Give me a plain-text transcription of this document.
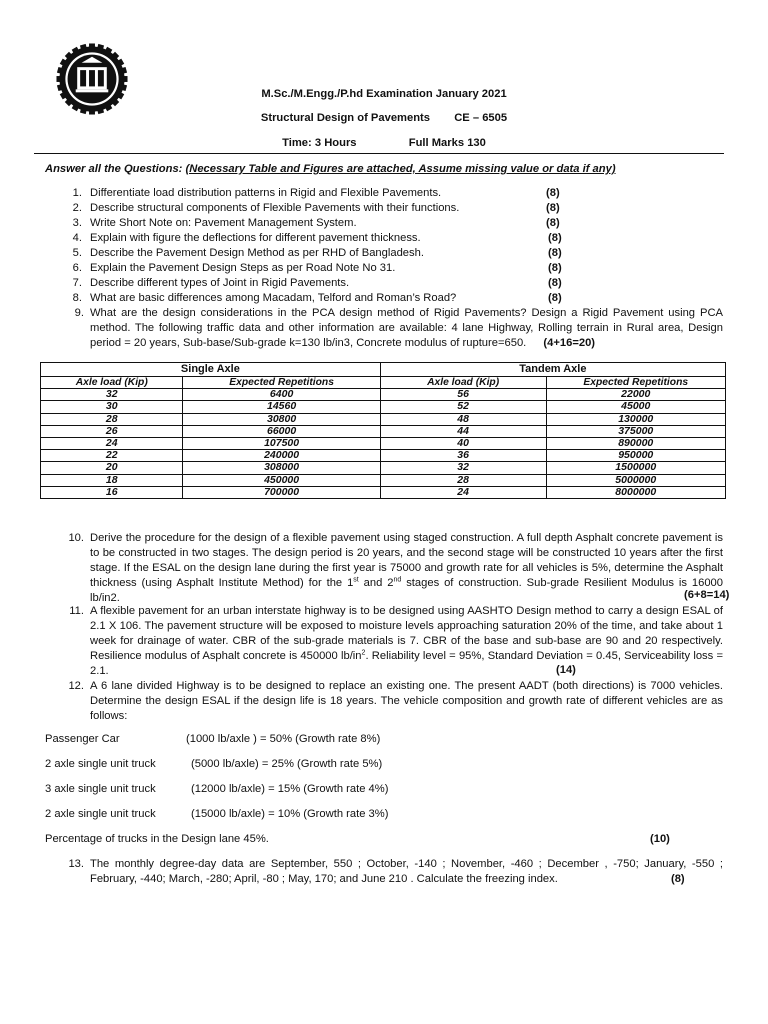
M.Sc./M.Engg./P.hd Examination January 2021
Structural Design of Pavements CE – 6505
Time: 3 Hours	Full Marks 130
Answer all the Questions: (Necessary Table and Figures are attached, Assume missing value or data if any)
1. Differentiate load distribution patterns in Rigid and Flexible Pavements.	(8)
2. Describe structural components of Flexible Pavements with their functions.	(8)
3. Write Short Note on: Pavement Management System.	(8)
4. Explain with figure the deflections for different pavement thickness.	(8)
5. Describe the Pavement Design Method as per RHD of Bangladesh.	(8)
6. Explain the Pavement Design Steps as per Road Note No 31.	(8)
7. Describe different types of Joint in Rigid Pavements.	(8)
8. What are basic differences among Macadam, Telford and Roman’s Road?	(8)
9. What are the design considerations in the PCA design method of Rigid Pavements? Design a Rigid Pavement using PCA method. The following traffic data and other information are available: 4 lane Highway, Rolling terrain in Rural area, Design period = 20 years, Sub-base/Sub-grade k=130 lb/in3, Concrete modulus of rupture=650. (4+16=20)
Single Axle		Tandem Axle	
Axle load (Kip)	Expected Repetitions	Axle load (Kip)	Expected Repetitions
32	6400	56	22000
30	14560	52	45000
28	30800	48	130000
26	66000	44	375000
24	107500	40	890000
22	240000	36	950000
20	308000	32	1500000
18	450000	28	5000000
16	700000	24	8000000
10. Derive the procedure for the design of a flexible pavement using staged construction. A full depth Asphalt concrete pavement is to be constructed in two stages. The design period is 20 years, and the second stage will be constructed 10 years after the first stage. If the ESAL on the design lane during the first year is 75000 and growth rate for all vehicles is 5%, determine the Asphalt thickness (using Asphalt Institute Method) for the 1st and 2nd stages of construction. Sub-grade Resilient Modulus is 16000 lb/in2.	(6+8=14)
11. A flexible pavement for an urban interstate highway is to be designed using AASHTO Design method to carry a design ESAL of 2.1 X 106. The pavement structure will be exposed to moisture levels approaching saturation 20% of the time, and take about 1 week for drainage of water. CBR of the sub-grade materials is 7. CBR of the base and sub-base are 90 and 20 respectively. Resilience modulus of Asphalt concrete is 450000 $lb/in^2$. Reliability level = 95%, Standard Deviation = 0.45, Serviceability loss = 2.1.	(14)
12. A 6 lane divided Highway is to be designed to replace an existing one. The present AADT (both directions) is 7000 vehicles. Determine the design ESAL if the design life is 18 years. The vehicle composition and growth rate of different vehicles are as follows:
Passenger Car	(1000 lb/axle ) = 50% (Growth rate 8%)
2 axle single unit truck	(5000 lb/axle) = 25% (Growth rate 5%)
3 axle single unit truck	(12000 lb/axle) = 15% (Growth rate 4%)
2 axle single unit truck	(15000 lb/axle) = 10% (Growth rate 3%)
Percentage of trucks in the Design lane 45%.	(10)
13. The monthly degree-day data are September, 550 ; October, -140 ; November, -460 ; December , -750; January, -550 ; February, -440; March, -280; April, -80 ; May, 170; and June 210 . Calculate the freezing index.	(8)
